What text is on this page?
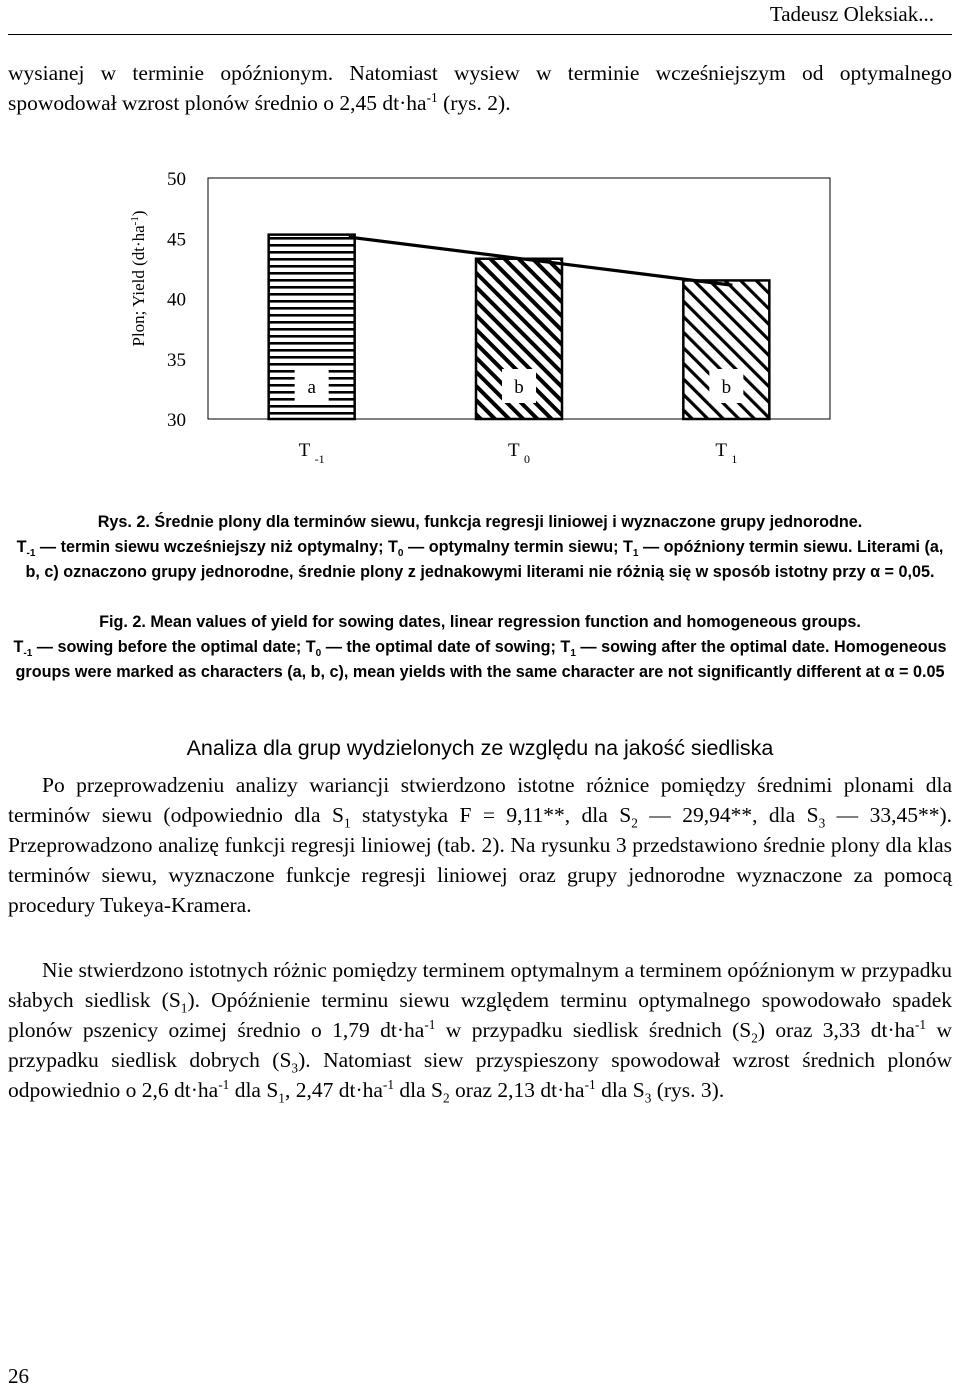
Tadeusz Oleksiak...

wysianej w terminie opóźnionym. Natomiast wysiew w terminie wcześniejszym od optymalnego spowodował wzrost plonów średnio o 2,45 $dt\cdot ha^{-1}$ (rys. 2).

Plon; Yield $(dt\cdot ha^{-1})$
30
35
40
45
50
a	b	b
T $_{-1}$	T $_0$	T $_1$
Rys. 2. Średnie plony dla terminów siewu, funkcja regresji liniowej i wyznaczone grupy jednorodne.
$T_{-1}$ — termin siewu wcześniejszy niż optymalny; $T_0$ — optymalny termin siewu; $T_1$ — opóźniony termin siewu. Literami (a, b, c) oznaczono grupy jednorodne, średnie plony z jednakowymi literami nie różnią się w sposób istotny przy α = 0,05.
Fig. 2. Mean values of yield for sowing dates, linear regression function and homogeneous groups.
$T_{-1}$ — sowing before the optimal date; $T_0$ — the optimal date of sowing; $T_1$ — sowing after the optimal date. Homogeneous groups were marked as characters (a, b, c), mean yields with the same character are not significantly different at α = 0.05
Analiza dla grup wydzielonych ze względu na jakość siedliska

Po przeprowadzeniu analizy wariancji stwierdzono istotne różnice pomiędzy średnimi plonami dla terminów siewu (odpowiednio dla $S_1$ statystyka F = 9,11**, dla $S_2$ — 29,94**, dla $S_3$ — 33,45**). Przeprowadzono analizę funkcji regresji liniowej (tab. 2). Na rysunku 3 przedstawiono średnie plony dla klas terminów siewu, wyznaczone funkcje regresji liniowej oraz grupy jednorodne wyznaczone za pomocą procedury Tukeya-Kramera.

Nie stwierdzono istotnych różnic pomiędzy terminem optymalnym a terminem opóźnionym w przypadku słabych siedlisk $(S_1)$. Opóźnienie terminu siewu względem terminu optymalnego spowodowało spadek plonów pszenicy ozimej średnio o 1,79 $dt\cdot ha^{-1}$ w przypadku siedlisk średnich $(S_2)$ oraz 3,33 $dt\cdot ha^{-1}$ w przypadku siedlisk dobrych $(S_3)$. Natomiast siew przyspieszony spowodował wzrost średnich plonów odpowiednio o 2,6 $dt\cdot ha^{-1}$ dla $S_1$, 2,47 $dt\cdot ha^{-1}$ dla $S_2$ oraz 2,13 $dt\cdot ha^{-1}$ dla $S_3$ (rys. 3).

26
